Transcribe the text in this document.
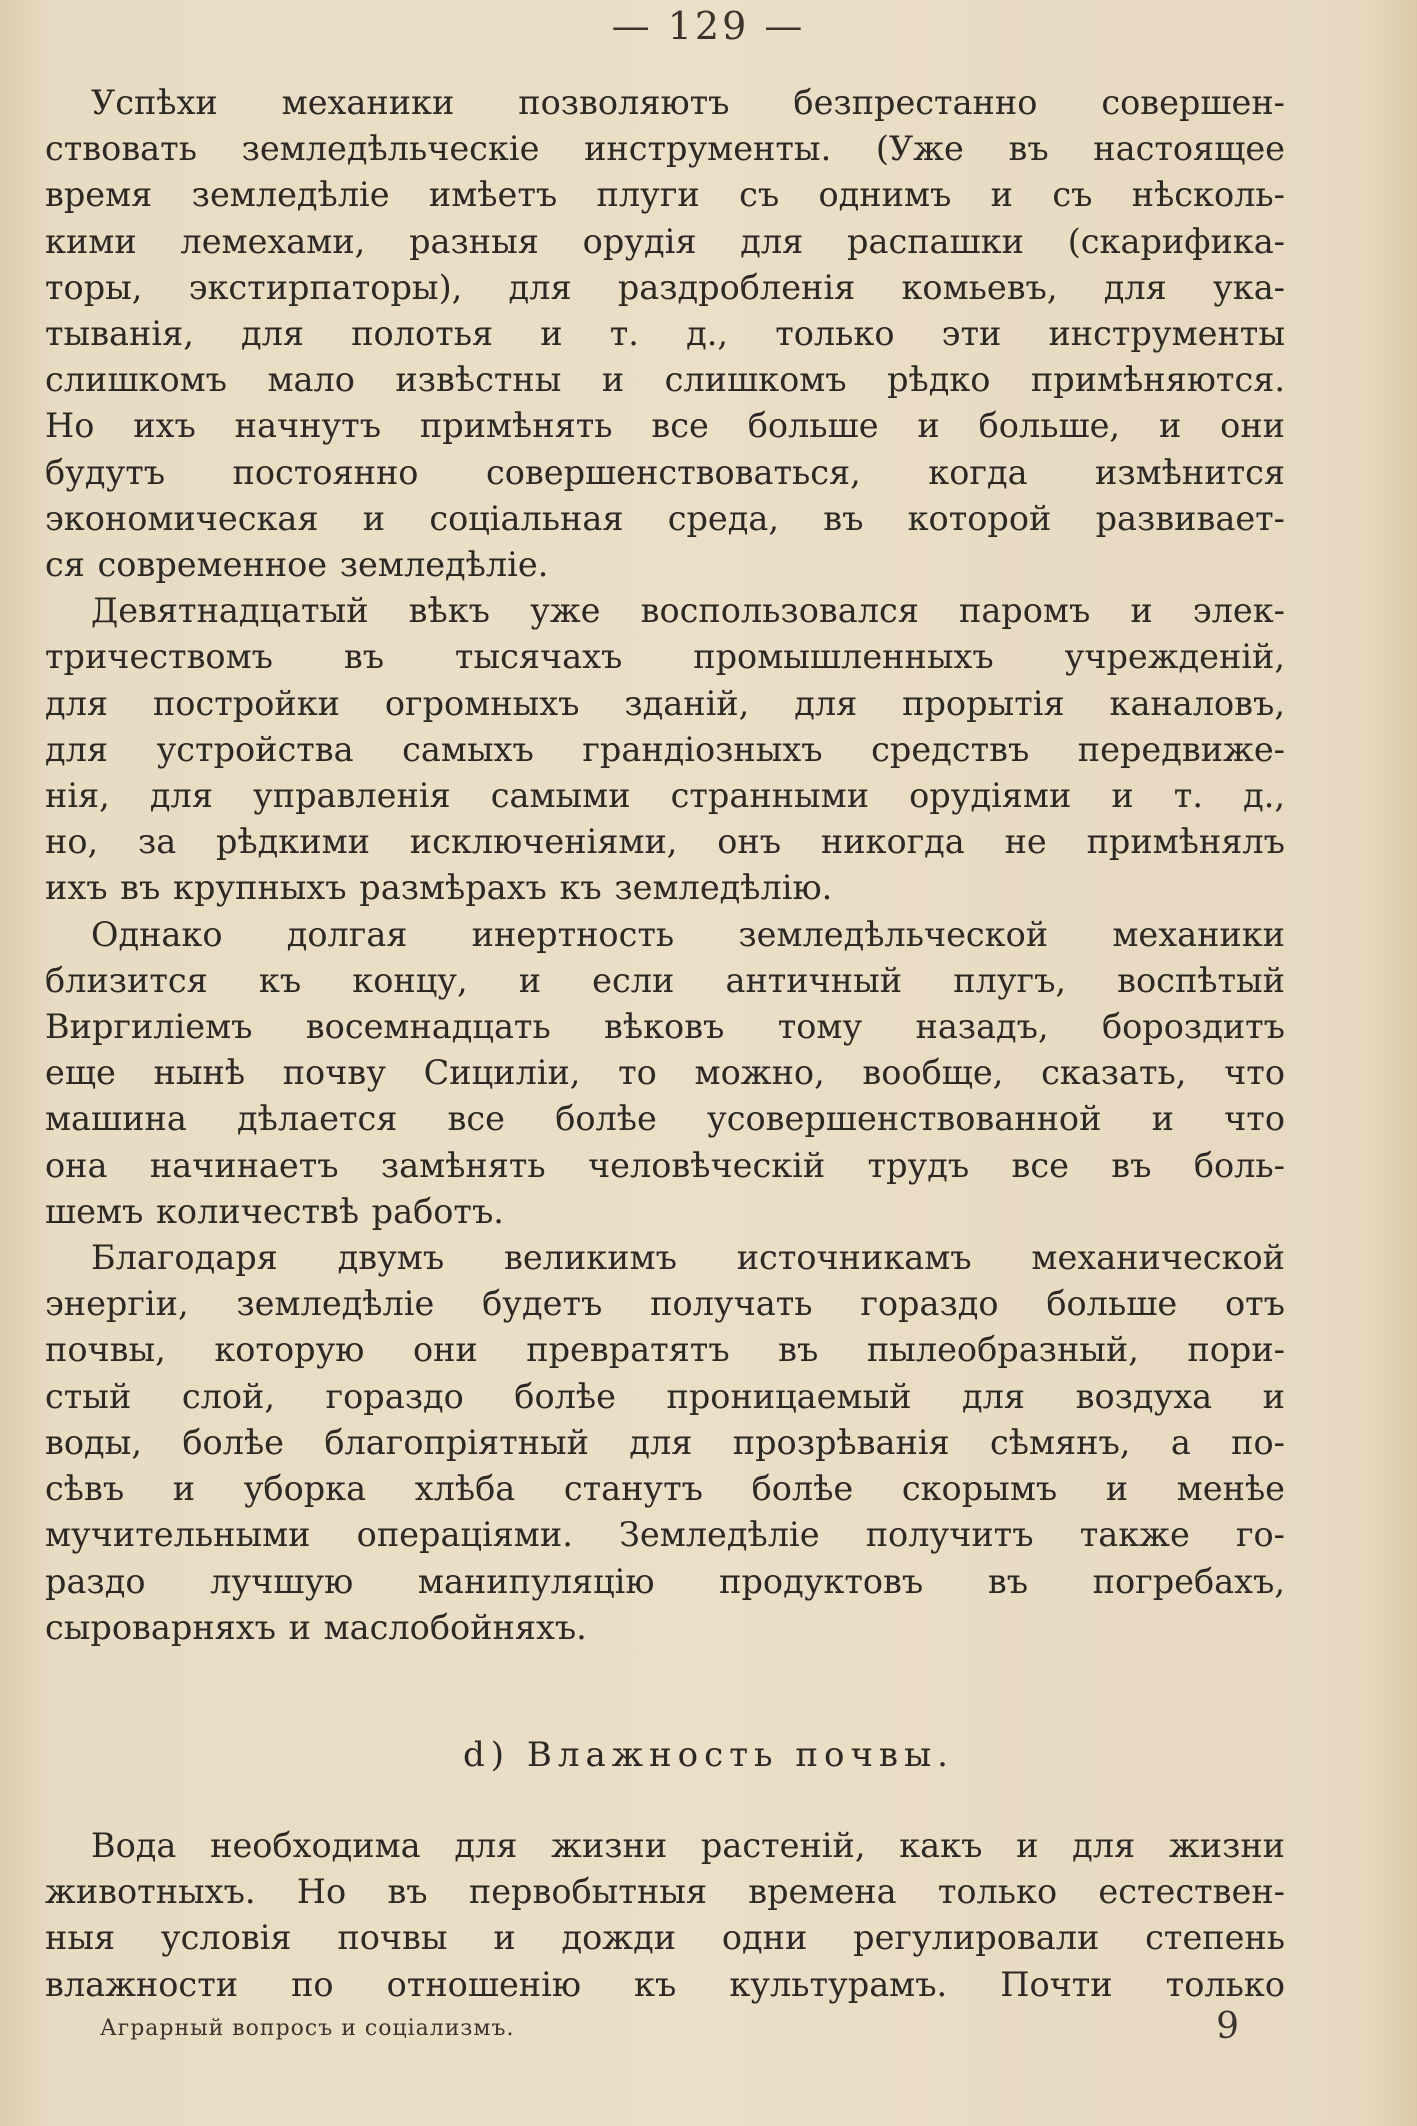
— 129 —

Успѣхи механики позволяютъ безпрестанно совершен-
ствовать земледѣльческіе инструменты. (Уже въ настоящее
время земледѣліе имѣетъ плуги съ однимъ и съ нѣсколь-
кими лемехами, разныя орудія для распашки (скарифика-
торы, экстирпаторы), для раздробленія комьевъ, для ука-
тыванія, для полотья и т. д., только эти инструменты
слишкомъ мало извѣстны и слишкомъ рѣдко примѣняются.
Но ихъ начнутъ примѣнять все больше и больше, и они
будутъ постоянно совершенствоваться, когда измѣнится
экономическая и соціальная среда, въ которой развивает-
ся современное земледѣліе.

Девятнадцатый вѣкъ уже воспользовался паромъ и элек-
тричествомъ въ тысячахъ промышленныхъ учрежденій,
для постройки огромныхъ зданій, для прорытія каналовъ,
для устройства самыхъ грандіозныхъ средствъ передвиже-
нія, для управленія самыми странными орудіями и т. д.,
но, за рѣдкими исключеніями, онъ никогда не примѣнялъ
ихъ въ крупныхъ размѣрахъ къ земледѣлію.

Однако долгая инертность земледѣльческой механики
близится къ концу, и если античный плугъ, воспѣтый
Виргиліемъ восемнадцать вѣковъ тому назадъ, бороздитъ
еще нынѣ почву Сициліи, то можно, вообще, сказать, что
машина дѣлается все болѣе усовершенствованной и что
она начинаетъ замѣнять человѣческій трудъ все въ боль-
шемъ количествѣ работъ.

Благодаря двумъ великимъ источникамъ механической
энергіи, земледѣліе будетъ получать гораздо больше отъ
почвы, которую они превратятъ въ пылеобразный, пори-
стый слой, гораздо болѣе проницаемый для воздуха и
воды, болѣе благопріятный для прозрѣванія сѣмянъ, а по-
сѣвъ и уборка хлѣба станутъ болѣе скорымъ и менѣе
мучительными операціями. Земледѣліе получитъ также го-
раздо лучшую манипуляцію продуктовъ въ погребахъ,
сыроварняхъ и маслобойняхъ.

d) Влажность почвы.

Вода необходима для жизни растеній, какъ и для жизни
животныхъ. Но въ первобытныя времена только естествен-
ныя условія почвы и дожди одни регулировали степень
влажности по отношенію къ культурамъ. Почти только

Аграрный вопросъ и соціализмъ.	9
